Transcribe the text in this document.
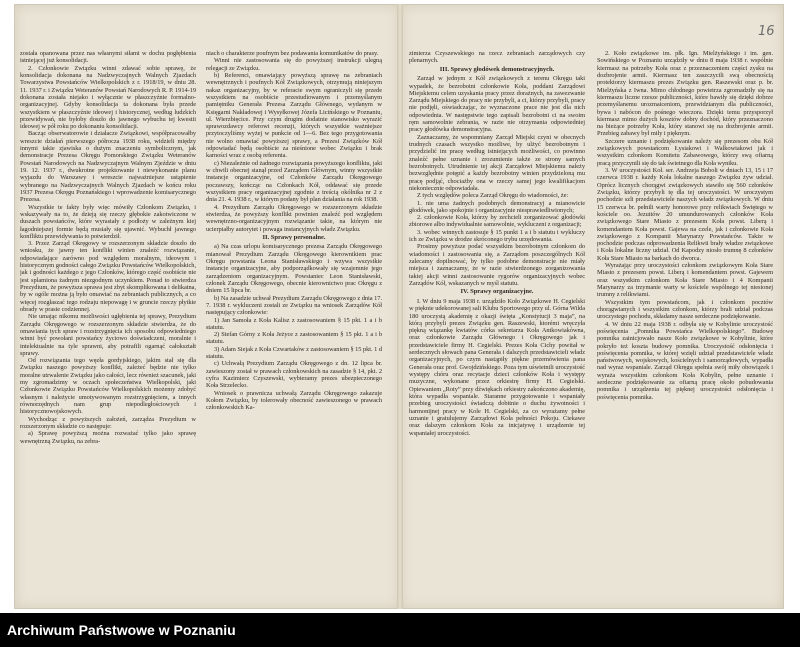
16

została opanowana przez nas własnymi siłami w dochu pogłębienia istniejącej już konsolidacji.

2. Członkowie Związku winni zdawać sobie sprawę, że konsolidacja dokonana na Nadzwyczajnych Walnych Zjazdach Towarzystwa Powstańców Wielkopolskich z r. 1918/19, w dniu 28. 11. 1937 r. i Związku Weteranów Powstań Narodowych R. P. 1914-19 dokonana została niejako i wyłącznie w płaszczyźnie formalno-organizacyjnej. Gdyby konsolidacja ta dokonana była przede wszystkiem w płaszczyźnie ideowej i historycznej, według ludzkich przewidywań, nie byłoby doszło do jawnego wybuchu tej kwestii ideowej w pół roku po dokonaniu konsolidacji.

Bacząc obserwatorowie i działacze Związkowi, współpracowałby wreszcie działań pierwszego półrocza 1938 roku, widzieli między innymi takie zjawiska o dużym znaczeniu symbolicznym, jak demonstracje Prezesa Okręgu Pomorskiego Związku Weteranów Powstań Narodowych na Nadzwyczajnym Walnym Zjeździe w dniu 19. 12. 1937 r., dwukrotne projektowanie i niewykonanie planu wyjazdu do Warszawy i wreszcie najważniejsze ustąpienie wybranego na Nadzwyczajnych Walnych Zjazdach w końcu roku 1937 Prezesa Okręgu Poznańskiego i wprowadzenie komisarycznego Prezesa.

Wszystkie te fakty były więc mówiły Członkom Związku, i wskazywały na to, że dzieją się rzeczy głębokie zakotwiczone w duszach powstańców, które wyrastały z podłoży w zależnym kiej łagodniejszej formie będą musiały się ujawnić. Wybuchł jawnego konfliktu przewidywania to potwierdził.

3. Przez Zarząd Okręgowy w rozszerzonym składzie doszło do wniosku, że jawny ten konflikt winien znaleźć rozwiązanie, odpowiadające zarówno pod względem moralnym, ideowym i historycznym godności całego Związku Powstańców Wielkopolskich, jak i godności każdego z jego Członków, którego część osobiście nie jest splamiona żadnym niezgodnym uczynkiem. Ponad to stwierdza Prezydium, że powyższa sprawa jest zbyt skomplikowana i delikatna, by w ogóle można ją było omawiać na zebraniach publicznych, a co więcej rozgłaszać tego rodzaju niepowagę i w gruncie rzeczy płytkie obrady w prasie codziennej.

Nie umając nikomu możliwości ugłębienia tej sprawy, Prezydium Zarządu Okręgowego w rozszerzonym składzie stwierdza, że do omawiania tych spraw i rozstrzygnięcia ich sposobu odpowiedniego winni być powołani powstańcy życiowo doświadczeni, moralnie i intelektualnie na tyle sprawni, aby potrafili ogarnąć całokształt sprawy.

Od rozwiązania tego węzła gordyjskiego, jakim stał się dla Związku naszego powyższy konflikt, zależeć będzie nie tylko moralne utrwalenie Związku jako całości, lecz również szacunek, jaki my zgromadzimy w oczach społeczeństwa Wielkopolski, jaki Członkowie Związku Powstańców Wielkopolskich możemy zdobyć własnym i należycie umotywowanym rozstrzygnięciem, a innych równorzędnych nam grup niepodległościowych i historycznowojskowych.

Wychodząc z powyższych założeń, zarządza Prezydium w rozszerzonym składzie co następuje:

a) Sprawę powyższą można rozważać tylko jako sprawę wewnętrzną Związku, na zebra-

niach o charakterze poufnym bez podawania komunikatów do prasy.

Winni nie zastosowania się do powyższej instrukcji ulegną relegacji ze Związku.

b) Referenci, omawiający powyższą sprawę na zebraniach wewnętrznych i poufnych Kół Związkowych, otrzymują niniejszym nakaz organizacyjny, by w referacie swym ograniczyli się przede wszystkiem na osobiście przestudiowanym i przemyślanym pamiętniku Generała Prezesa Zarządu Głównego, wydanym w Księgarni Nakładowej i Wysyłkowej Józefa Licińskiego w Poznaniu, ul. Wierzbięcice. Przy czym drugim dodatnie stanowisko wyrazić sprawozdawcy referowi recenzji, których wszystkie ważniejsze przytoczyliśmy wyżej w punkcie od 1—6. Bez tego przygotowania nie wolno omawiać powyższej sprawy, a Prezesi Związków Kół odpowiadać będą osobiście za nieśnione wobec Związku i brak karności wraz z osobą referenta.

c) Niezależnie od żadnego rozwiązania powyższego konfliktu, jaki w chwili obecnej stanął przed Zarządem Głównym, winny wszystkie instancje organizacyjne, od Członków Zarządu Okręgowego poczawszy, kończąc na Członkach Kół, oddawać się przede wszystkiem pracy organizacyjnej zgodnie z treścią okólnika nr 2 z dnia 21. 4. 1938 r., w którym podany był plan działania na rok 1938.

4. Prezydium Zarządu Okręgowego w rozszerzonym składzie stwierdza, że powyższy konflikt powinien znaleźć pod względem wewnętrzno-organizacyjnym rozwiązanie takie, na którym nie ucierpiałby autorytet i powaga instancyjnych władz Związku.

II. Sprawy personalne.

a) Na czas urlopu komisarycznego prezesa Zarządu Okręgowego mianował Prezydium Zarządu Okręgowego kierownikiem prac Okręgu powstania Leona Stanisławskiego i wzywa wszystkie instancje organizacyjne, aby podporządkowały się wzajemnie jego zarządzeniom organizacyjnym. Powstaniec Leon Stanisławski, członek Zarządu Okręgowego, obecnie kierownictwo prac Okręgu z dniem 15 lipca br.

b) Na zasadzie uchwał Prezydium Zarządu Okręgowego z dnia 17. 7. 1938 r. wykluczeni zostali ze Związku na wniosek Zarządów Kół następujący członkowie:

1) Jan Samoła z Koła Kalisz z zastosowaniem § 15 pkt. 1 a i b statutu.

2) Stefan Górny z Koła Jeżyce z zastosowaniem § 15 pkt. 1 a i b statutu.

3) Adam Siejak z Koła Czwartaków z zastosowaniem § 15 pkt. 1 d statutu.

c) Uchwałą Prezydium Zarządu Okręgowego z dn. 12 lipca br. zawieszony został w prawach członkowskich na zasadzie § 14, pkt. 2 cyfra Kazimierz Czyszewski, wybieramy prezes ubezpieczonego Koła Strzelecko.

Wniosek o prawnicza uchwałą Zarządu Okręgowego zakazuje Kołom Związku, by tolerowały obecność zawieszonego w prawach członkowskich Ka-

zimierza Czyszewskiego na rzecz zebraniach zarządowych czy plenarnych.

III. Sprawy głodówek demonstracyjnych.

Zarząd w jednym z Kół związkowych z terenu Okręgu taki wypadek, że bezrobotni członkowie Koła, poddani Zarządowi Miejskiemu celem uzyskania pracy przez dorażnych, na zawezwanie Zarządu Miejskiego do pracy nie przybyli, a ci, którzy przybyli, pracy nie podjęli, oświadczając, że wyznaczone prace nie jest dla nich odpowiednia. W następstwie tego zapisali bezrobotni ci na swoim ręm samowolnie zebrania, w razie nie otrzymania odpowiedniej pracy głodówka demonstracyjna.

Zaznaczamy, że wspomniany Zarząd Miejski czyni w obecnych trudnych czasach wszystko możliwe, by ulżyć bezrobotnym i przydzielić im pracę według istniejących możliwości, co powinno znaleźć pełne uznanie i zrozumienie także ze strony samych bezrobotnych. Utrudnienie tej akcji Zarządowi Miejskiemu należy bezwzględnie potępić a każdy bezrobotny winien przydzieloną mu pracę podjąć, chociażby ona w rzeczy samej jego kwalifikacjom niekoniecznie odpowiadała.

Z tych względów poleca Zarząd Okręgu do wiadomości, że:

1. nie uma żadnych podobnych demonstracyj a mianowicie głodówek, jako spokojnie i organizacyjnie niesprawiedliwionych;

2. członkowie Koła, którzy by zechcieli zorganizować głodówki zbiorowe albo indywidualnie samowolnie, wykluczeni z organizacji;

3. wobec winnych zastosuje § 15 punkt 1 a i b statutu i wykluczy ich ze Związku w drodze skróconego trybu urzędowania.

Prosimy powyższe podać wszystkim bezrobotnym członkom do wiadomości i zastosowania się, a Zarządom poszczególnych Kół zalecamy dopilnować, by tylko podobne demonstracje nie miały miejsca i zaznaczamy, że w razie stwierdzonego zorganizowania takiej akcji winni zastosowanie rygorów organizacyjnych wobec Zarządów Kół, wskazanych w myśl statutu.

IV. Sprawy organizacyjne.

I. W dniu 9 maja 1938 r. urządziło Koło Związkowe H. Cegielski w pięknie udekorowanej sali Klubu Sportowego przy ul. Górna Wilda 180 uroczystą akademię z okazji święta „Konstytucji 3 maja”, na którą przybyli prezes Związku gen. Raszewski, ktorémi wręczyła piękną wiązankę kwiatów córka sekretarza Koła Antkowiakówna, oraz członkowie Zarządu Głównego i Okręgowego jak i przedstawiciele firmy H. Cegielski. Prezes Koła Cichy powitał w serdecznych słowach pana Generała i dalszych przedstawicieli władz organizacyjnych, po czym nastąpiły piękne przemówienia pana Generała oraz prof. Gwojdzińskiego. Poza tym uświetnili uroczystość występy chóru oraz recytacje dzieci członków Koła i występy muzyczne, wykonane przez orkiestrę firmy H. Cegielski. Opiewaniem „Roty” przy dźwiękach orkiestry zakończono akademię, która wypadła wspaniale. Staranne przygotowanie i wspaniały przebieg uroczystości świadczą dobitnie o duchu żywotności i harmonijnej pracy w Kole H. Cegielski, za co wyrażamy pełne uznanie i gratulujemy Zarządowi Koła pełności Pokoju. Ciekawe oraz dalszym członkom Koła za inicjatywę i urządzenie tej wspaniałej uroczystości.

2. Koło związkowe im. płk. Ign. Mielżyńskiego i im. gen. Sowińskiego w Poznaniu urządziły w dniu 8 maja 1938 r. wspólnie kiermasz na potrzeby Koła oraz z przeznaczeniem części zysku na dozbrojenie armii. Kiermasz ten zaszczycili swą obecnością protektorzy kiermaszu prezes Związku gen. Raszewski oraz p. br. Mielżyńska z Iwna. Mimo chłodnego powietrza zgromadziły się na kiermaszu liczne rzesze publiczności, które bawiły się dzięki dobrze przemyślanemu urozmaiceniom, przewidzianym dla publiczności, bywa i nabócon do pośnego wieczora. Dzięki temu przysporzył kiermasz mimo dużych kosztów dobry dochód, który przeznaczono na bieżące potrzeby Koła, który stanowi się na dozbrojenie armii. Przebieg zabawy był miły i pięknym.

Szczere uznanie i podziękowanie należy się prezesom obu Kół związkowych powstańcom Łysiakowi i Walkowiakowi jak i wszystkim członkom Komitetu Zabawowego, którzy swą ofiarną pracą przyczynili się do tak świetnego dla Koła wyniku.

3. W uroczystości Koł. ser. Andrzeja Boboli w dniach 13, 15 i 17 czerwca 1938 r. każdy Koła lokalne naszego Związku żyw udział. Oprócz licznych chorągwi związkowych stawiło się 560 członków Związku, którzy przybyli tę dla tej uroczystości. W uroczystym pochodzie szli przedstawiciele naszych władz związkowych. W dniu 15 czerwca br. pełnili warty honorowe przy relikwiach Świętego w kościele oo. Jezuitów 20 umundurowanych członków Koła związkowego Stare Miasto z prezesem Koła powst. Liberą i komendantem Koła powst. Gajewa na czele, jak i członkowie Koła związkowego z Kompanii Marynarzy Powstańców. Także w pochodzie podczas odprowadzenia Relikwii brały władze związkowe i Koła lokalne liczny udział. Od Kapodzy niosło trumnę 8 członków Koła Stare Miasto na barkach do dworca.

Wyrażając przy uroczystości członkom związkowym Koła Stare Miasto z prezesem powst. Liberą i komendantem powst. Gajewem oraz wszystkim członkom Koła Stare Miasto i 4 Kompanii Marynarzy za trzymanie warty w kościele wspólnego tej niesionej trumny z relikwiami.

Wszystkim tym powstańcom, jak i członkom pocztów chorągwianych i wszystkim członkom, którzy brali udział podczas uroczystego pochodu, składamy nasze serdeczne podziękowanie.

4. W dniu 22 maja 1938 r. odbyła się w Kobylinie uroczystość poświęcenia „Pomnika Powstańca Wielkopolskiego”. Budowę pomnika zainicjowało nasze Koło związkowe w Kobylinie, które pokryło też koszta budowy pomnika. Uroczystość odsłonięcia i poświęcenia pomnika, w której wzięli udział przedstawiciele władz państwowych, wojskowych, kościelnych i samorządowych, wypadła nad wyraz wspaniale. Zarząd Okręgu spełnia swój miły obowiązek i wyraża wszystkim członkom Koła Kobylin, pełne uznanie i serdeczne podziękowanie za ofiarną pracę około pobudowania pomnika i urządzenia tej pięknej uroczystości odsłonięcia i poświęcenia pomnika.

Archiwum Państwowe w Poznaniu
